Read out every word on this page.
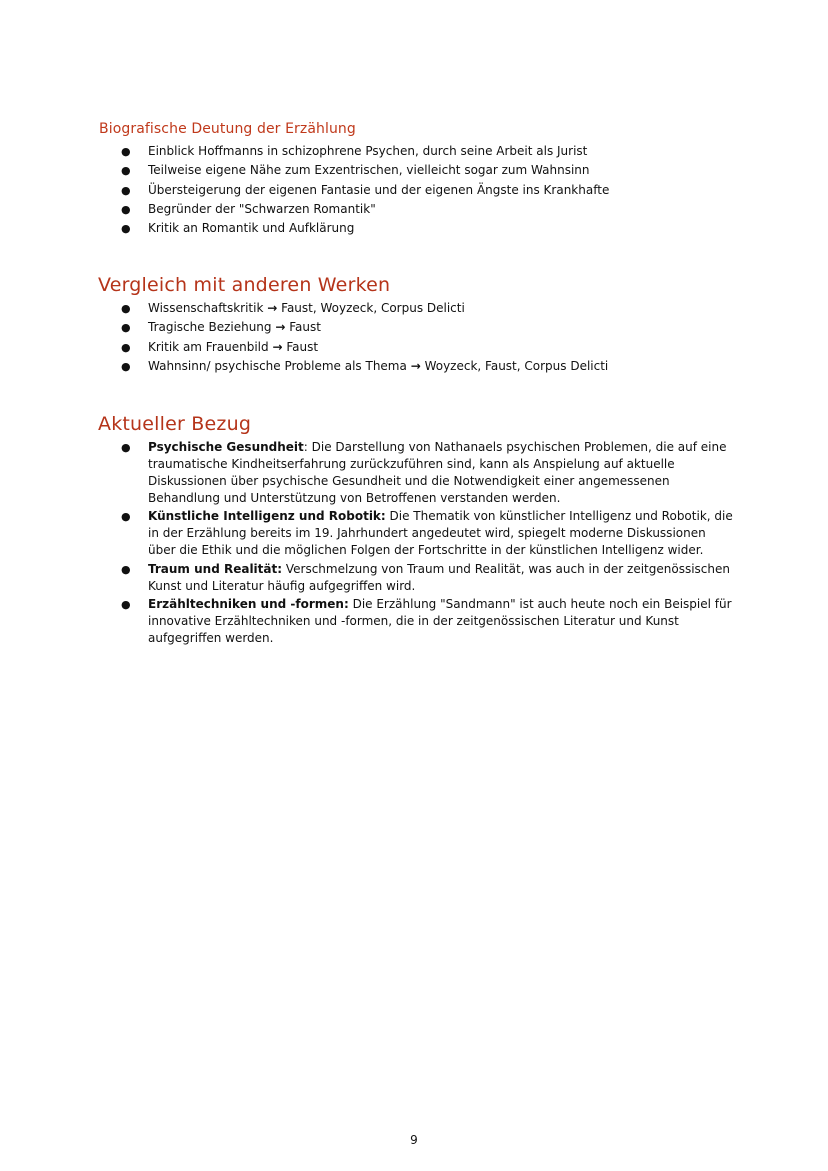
Biografische Deutung der Erzählung
● Einblick Hoffmanns in schizophrene Psychen, durch seine Arbeit als Jurist
● Teilweise eigene Nähe zum Exzentrischen, vielleicht sogar zum Wahnsinn
● Übersteigerung der eigenen Fantasie und der eigenen Ängste ins Krankhafte
● Begründer der "Schwarzen Romantik"
● Kritik an Romantik und Aufklärung
Vergleich mit anderen Werken
● Wissenschaftskritik → Faust, Woyzeck, Corpus Delicti
● Tragische Beziehung → Faust
● Kritik am Frauenbild → Faust
● Wahnsinn/ psychische Probleme als Thema → Woyzeck, Faust, Corpus Delicti
Aktueller Bezug
● Psychische Gesundheit: Die Darstellung von Nathanaels psychischen Problemen, die auf eine traumatische Kindheitserfahrung zurückzuführen sind, kann als Anspielung auf aktuelle Diskussionen über psychische Gesundheit und die Notwendigkeit einer angemessenen Behandlung und Unterstützung von Betroffenen verstanden werden.
● Künstliche Intelligenz und Robotik: Die Thematik von künstlicher Intelligenz und Robotik, die in der Erzählung bereits im 19. Jahrhundert angedeutet wird, spiegelt moderne Diskussionen über die Ethik und die möglichen Folgen der Fortschritte in der künstlichen Intelligenz wider.
● Traum und Realität: Verschmelzung von Traum und Realität, was auch in der zeitgenössischen Kunst und Literatur häufig aufgegriffen wird.
● Erzähltechniken und -formen: Die Erzählung "Sandmann" ist auch heute noch ein Beispiel für innovative Erzähltechniken und -formen, die in der zeitgenössischen Literatur und Kunst aufgegriffen werden.
9
